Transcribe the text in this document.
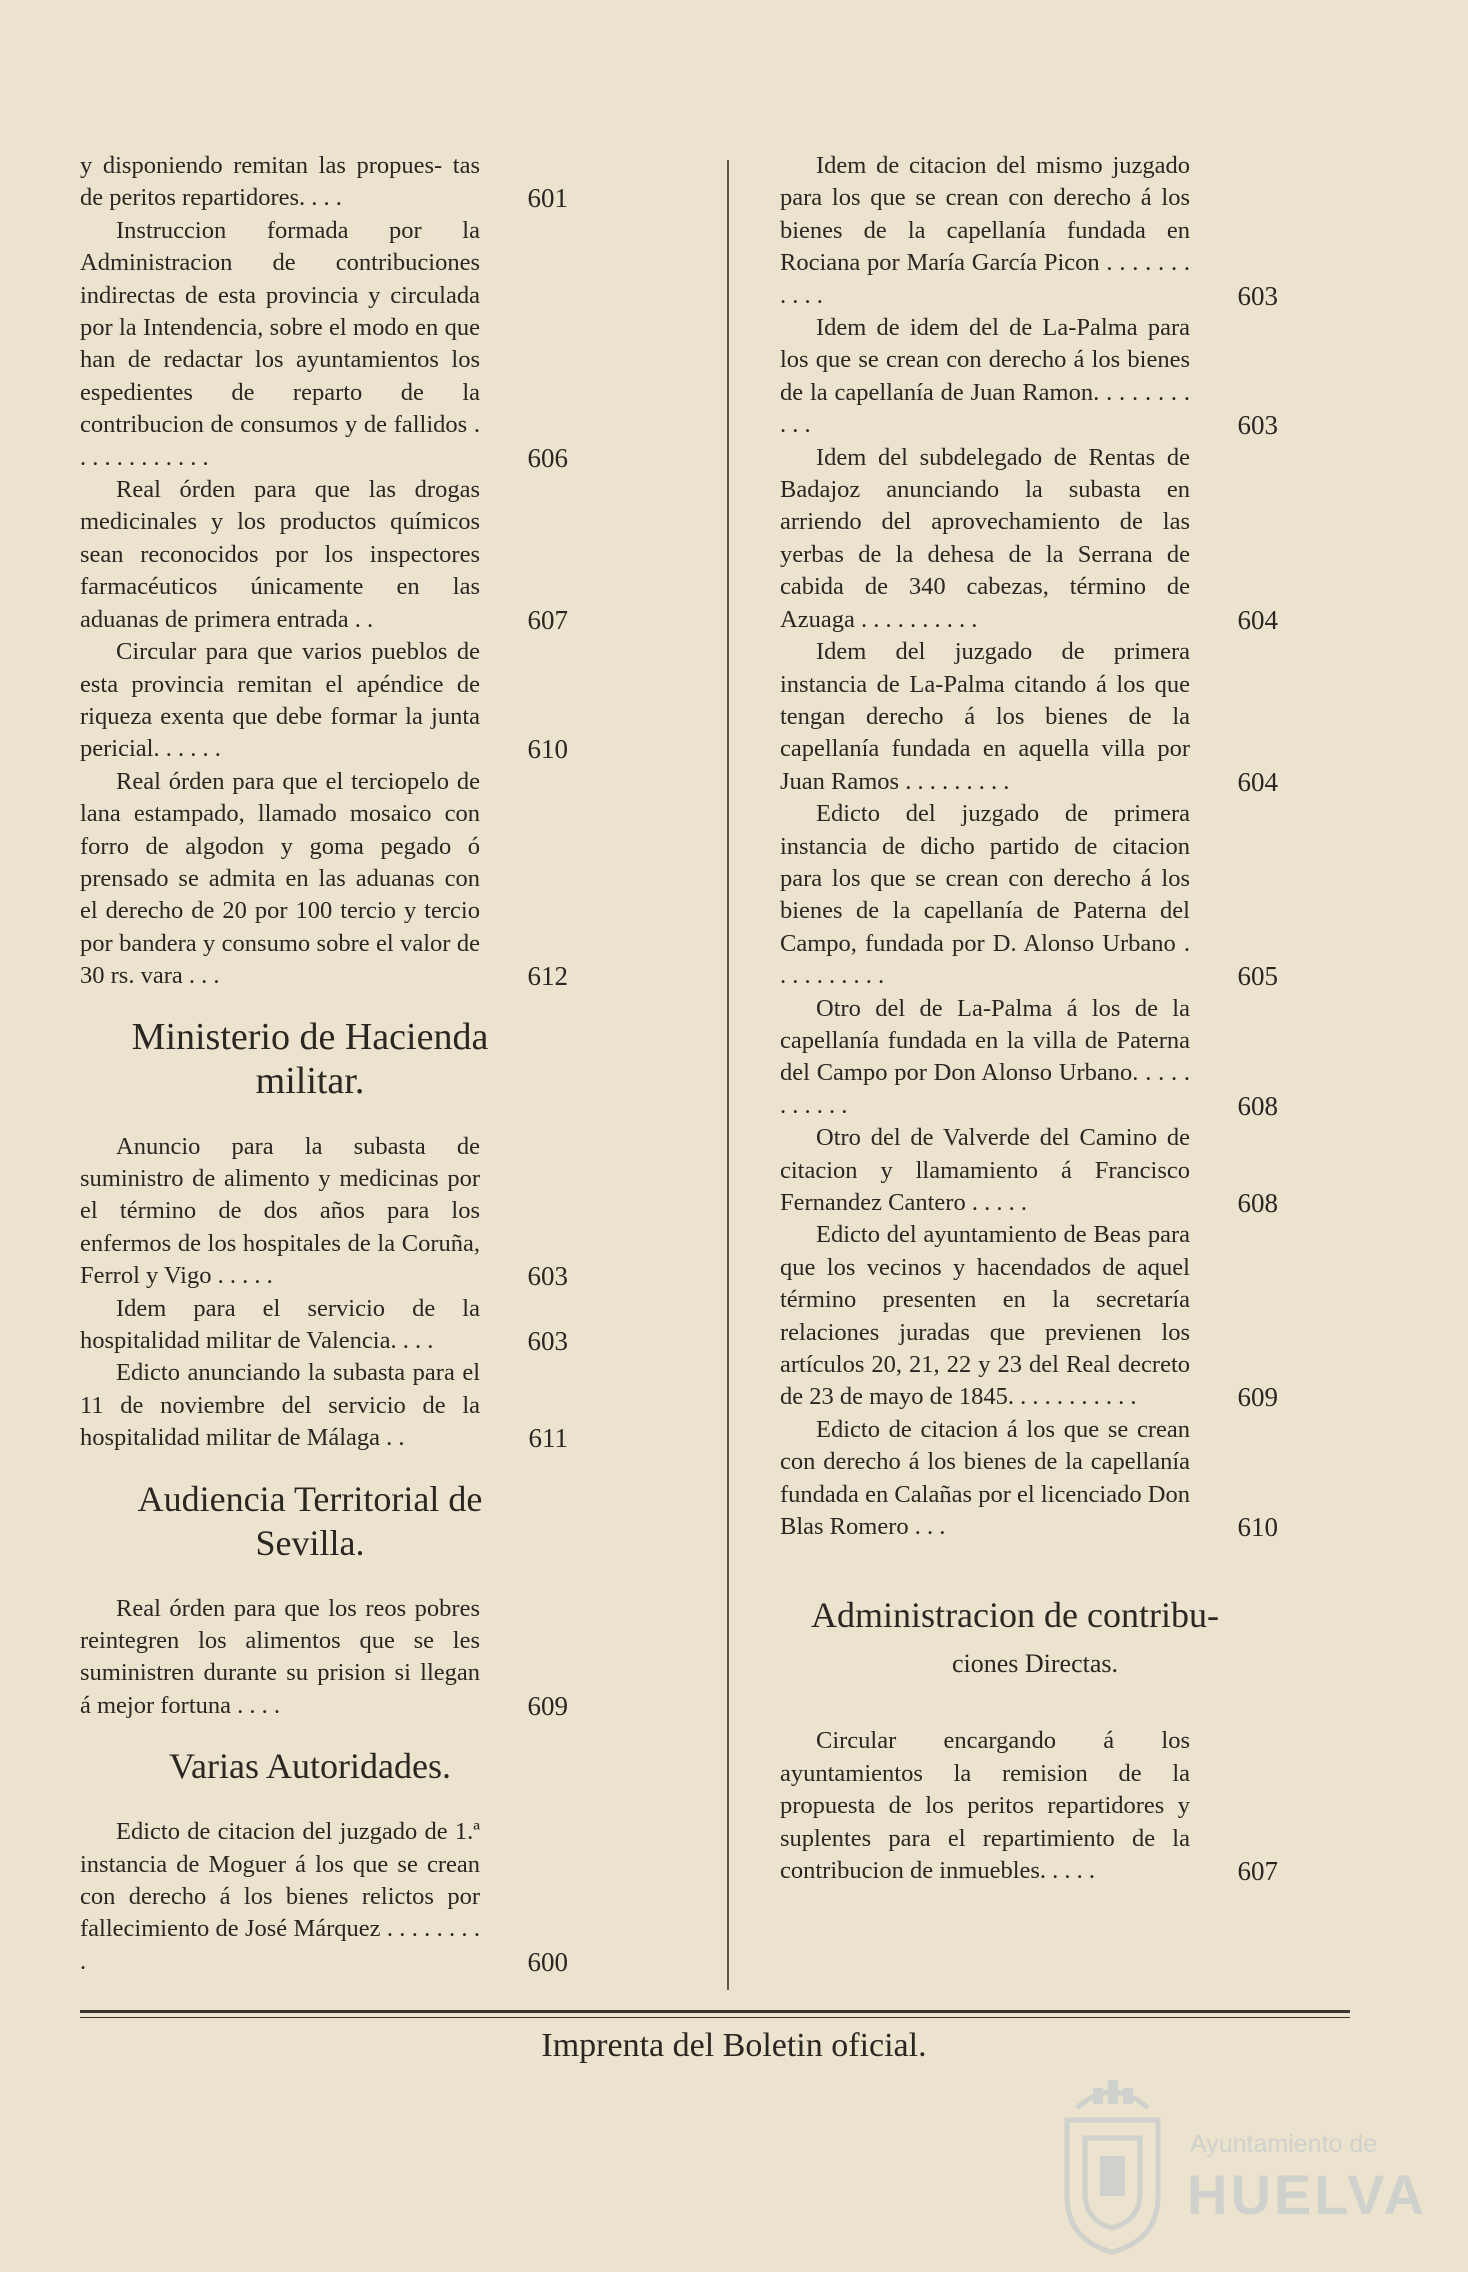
y disponiendo remitan las propues- tas de peritos repartidores. . . .	601
Instruccion formada por la Administracion de contribuciones indirectas de esta provincia y circulada por la Intendencia, sobre el modo en que han de redactar los ayuntamientos los espedientes de reparto de la contribucion de consumos y de fallidos . . . . . . . . . . . .	606
Real órden para que las drogas medicinales y los productos químicos sean reconocidos por los inspectores farmacéuticos únicamente en las aduanas de primera entrada . .	607
Circular para que varios pueblos de esta provincia remitan el apéndice de riqueza exenta que debe formar la junta pericial. . . . . .	610
Real órden para que el terciopelo de lana estampado, llamado mosaico con forro de algodon y goma pegado ó prensado se admita en las aduanas con el derecho de 20 por 100 tercio y tercio por bandera y consumo sobre el valor de 30 rs. vara . . .	612
Ministerio de Hacienda militar.
Anuncio para la subasta de suministro de alimento y medicinas por el término de dos años para los enfermos de los hospitales de la Coruña, Ferrol y Vigo . . . . .	603
Idem para el servicio de la hospitalidad militar de Valencia. . . .	603
Edicto anunciando la subasta para el 11 de noviembre del servicio de la hospitalidad militar de Málaga . .	611
Audiencia Territorial de Sevilla.
Real órden para que los reos pobres reintegren los alimentos que se les suministren durante su prision si llegan á mejor fortuna . . . .	609
Varias Autoridades.
Edicto de citacion del juzgado de 1.ª instancia de Moguer á los que se crean con derecho á los bienes relictos por fallecimiento de José Márquez . . . . . . . . .	600
Idem de citacion del mismo juzgado para los que se crean con derecho á los bienes de la capellanía fundada en Rociana por María García Picon . . . . . . . . . . .	603
Idem de idem del de La-Palma para los que se crean con derecho á los bienes de la capellanía de Juan Ramon. . . . . . . . . . .	603
Idem del subdelegado de Rentas de Badajoz anunciando la subasta en arriendo del aprovechamiento de las yerbas de la dehesa de la Serrana de cabida de 340 cabezas, término de Azuaga . . . . . . . . . .	604
Idem del juzgado de primera instancia de La-Palma citando á los que tengan derecho á los bienes de la capellanía fundada en aquella villa por Juan Ramos . . . . . . . . .	604
Edicto del juzgado de primera instancia de dicho partido de citacion para los que se crean con derecho á los bienes de la capellanía de Paterna del Campo, fundada por D. Alonso Urbano . . . . . . . . . .	605
Otro del de La-Palma á los de la capellanía fundada en la villa de Paterna del Campo por Don Alonso Urbano. . . . . . . . . . .	608
Otro del de Valverde del Camino de citacion y llamamiento á Francisco Fernandez Cantero . . . . .	608
Edicto del ayuntamiento de Beas para que los vecinos y hacendados de aquel término presenten en la secretaría relaciones juradas que previenen los artículos 20, 21, 22 y 23 del Real decreto de 23 de mayo de 1845. . . . . . . . . . .	609
Edicto de citacion á los que se crean con derecho á los bienes de la capellanía fundada en Calañas por el licenciado Don Blas Romero . . .	610
Administracion de contribu-
ciones Directas.
Circular encargando á los ayuntamientos la remision de la propuesta de los peritos repartidores y suplentes para el repartimiento de la contribucion de inmuebles. . . . .	607
Imprenta del Boletin oficial.
Ayuntamiento de
HUELVA
